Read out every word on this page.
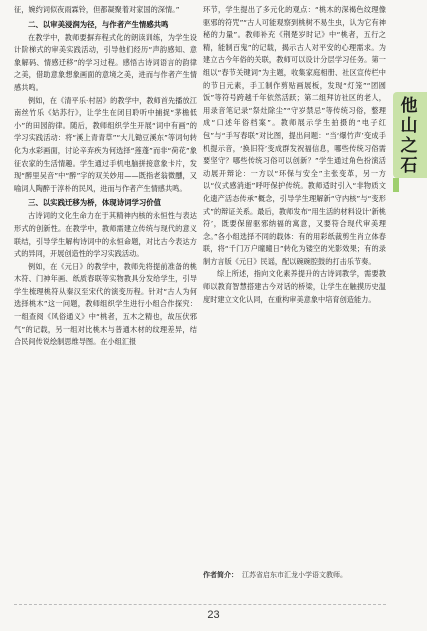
征，婉约词似夜雨霖铃，但都凝聚着对家国的深情。”

二、以审美浸润为径，与作者产生情感共鸣

在教学中，教师要摒弃程式化的朗读训练，为学生设计阶梯式的审美实践活动，引导他们经历“声韵感知、意象解码、情感迁移”的学习过程。感悟古诗词语言的韵律之美，借助意象想象画面的意境之美，进而与作者产生情感共鸣。

例如，在《清平乐·村居》的教学中，教师首先播放江南丝竹乐《姑苏行》，让学生在闭目聆听中捕捉“茅檐低小”的田园韵律。随后，教师组织学生开展“词中有画”的学习实践活动：将“溪上青青草”“大儿锄豆溪东”等词句转化为水彩画面，讨论辛弃疾为何选择“莲蓬”而非“荷花”象征农家的生活情趣。学生通过手机电脑拼接意象卡片，发现“醉里吴音”中“醉”字的双关妙用——既指老翁微醺，又喻词人陶醉于淳朴的民风，进而与作者产生情感共鸣。

三、以实践迁移为桥，体现诗词学习价值

古诗词的文化生命力在于其精神内核的永恒性与表达形式的创新性。在教学中，教师需建立传统与现代的意义联结，引导学生解构诗词中的永恒命题，对比古今表达方式的异同，开展创造性的学习实践活动。

例如，在《元日》的教学中，教师先将提前准备的桃木符、门神年画、纸质春联等实物教具分发给学生，引导学生梳理桃符从秦汉至宋代的演变历程。针对“古人为何选择桃木”这一问题，教师组织学生进行小组合作探究：一组查阅《风俗通义》中“桃者，五木之精也，故压伏邪气”的记载，另一组对比桃木与普通木材的纹理差异，结合民间传说绘制思维导图。在小组汇报

环节，学生提出了多元化的观点：“桃木的深褐色纹理像驱邪的符咒”“古人可能观察到桃树不易生虫，认为它有神秘的力量”。教师补充《荆楚岁时记》中“桃者，五行之精，能制百鬼”的记载，揭示古人对平安的心理需求。为建立古今年俗的关联，教师可以设计分层学习任务。第一组以“春节关键词”为主题，收集家庭相册、社区宣传栏中的节日元素，手工制作剪贴画展板，发现“灯笼”“团圆饭”等符号跨越千年依然活跃；第二组拜访社区的老人，用录音笔记录“祭灶除尘”“守岁禁忌”等传统习俗，整理成“口述年俗档案”。教师展示学生拍摄的“电子红包”与“手写春联”对比图，提出问题：“当‘爆竹声’变成手机提示音，‘换旧符’变成群发祝福信息，哪些传统习俗需要坚守？哪些传统习俗可以创新？”学生通过角色扮演活动展开辩论：一方以“环保与安全”主张变革，另一方以“仪式感消逝”呼吁保护传统。教师适时引入“非物质文化遗产活态传承”概念，引导学生理解新“守内核”与“变形式”的辩证关系。最后，教师发布“用生活的材料设计‘新桃符’，既要保留驱邪纳福的寓意，又要符合现代审美理念。”各小组选择不同的载体：有的用彩纸裁剪生肖立体春联，将“千门万户曈曈日”转化为镂空的光影效果；有的录制方言版《元日》民谣，配以碗碗腔鼓的打击乐节奏。

综上所述，指向文化素养提升的古诗词教学，需要教师以教育智慧搭建古今对话的桥梁，让学生在触摸历史温度时建立文化认同，在重构审美意象中培育创造能力。

作者简介： 江苏省启东市汇龙小学语文教师。
他山之石
23
